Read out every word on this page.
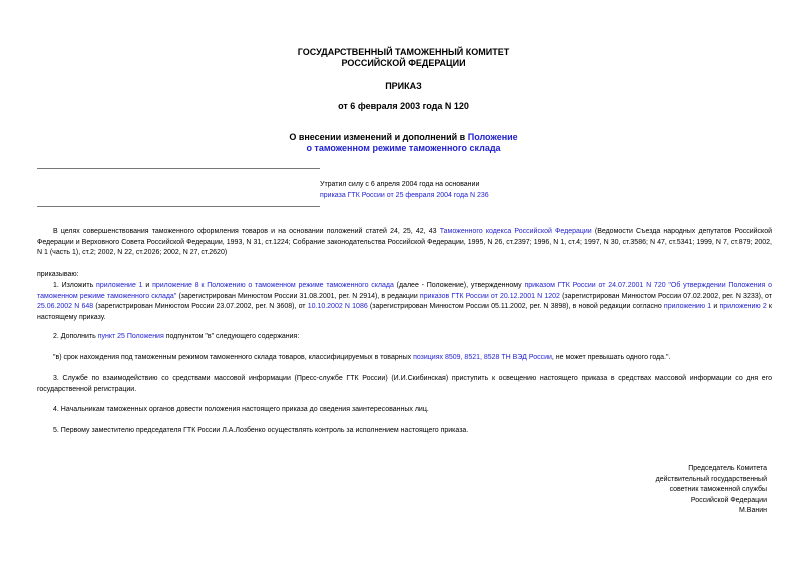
ГОСУДАРСТВЕННЫЙ ТАМОЖЕННЫЙ КОМИТЕТ
РОССИЙСКОЙ ФЕДЕРАЦИИ
ПРИКАЗ
от 6 февраля 2003 года N 120
О внесении изменений и дополнений в Положение
о таможенном режиме таможенного склада
Утратил силу с 6 апреля 2004 года на основании
приказа ГТК России от 25 февраля 2004 года N 236
В целях совершенствования таможенного оформления товаров и на основании положений статей 24, 25, 42, 43 Таможенного кодекса Российской Федерации (Ведомости Съезда народных депутатов Российской Федерации и Верховного Совета Российской Федерации, 1993, N 31, ст.1224; Собрание законодательства Российской Федерации, 1995, N 26, ст.2397; 1996, N 1, ст.4; 1997, N 30, ст.3586; N 47, ст.5341; 1999, N 7, ст.879; 2002, N 1 (часть 1), ст.2; 2002, N 22, ст.2026; 2002, N 27, ст.2620)
приказываю:
1. Изложить приложение 1 и приложение 8 к Положению о таможенном режиме таможенного склада (далее - Положение), утвержденному приказом ГТК России от 24.07.2001 N 720 "Об утверждении Положения о таможенном режиме таможенного склада" (зарегистрирован Минюстом России 31.08.2001, рег. N 2914), в редакции приказов ГТК России от 20.12.2001 N 1202 (зарегистрирован Минюстом России 07.02.2002, рег. N 3233), от 25.06.2002 N 648 (зарегистрирован Минюстом России 23.07.2002, рег. N 3608), от 10.10.2002 N 1086 (зарегистрирован Минюстом России 05.11.2002, рег. N 3898), в новой редакции согласно приложению 1 и приложению 2 к настоящему приказу.
2. Дополнить пункт 25 Положения подпунктом "в" следующего содержания:
"в) срок нахождения под таможенным режимом таможенного склада товаров, классифицируемых в товарных позициях 8509, 8521, 8528 ТН ВЭД России, не может превышать одного года.".
3. Службе по взаимодействию со средствами массовой информации (Пресс-службе ГТК России) (И.И.Скибинская) приступить к освещению настоящего приказа в средствах массовой информации со дня его государственной регистрации.
4. Начальникам таможенных органов довести положения настоящего приказа до сведения заинтересованных лиц.
5. Первому заместителю председателя ГТК России Л.А.Лозбенко осуществлять контроль за исполнением настоящего приказа.
Председатель Комитета
действительный государственный
советник таможенной службы
Российской Федерации
М.Ванин
